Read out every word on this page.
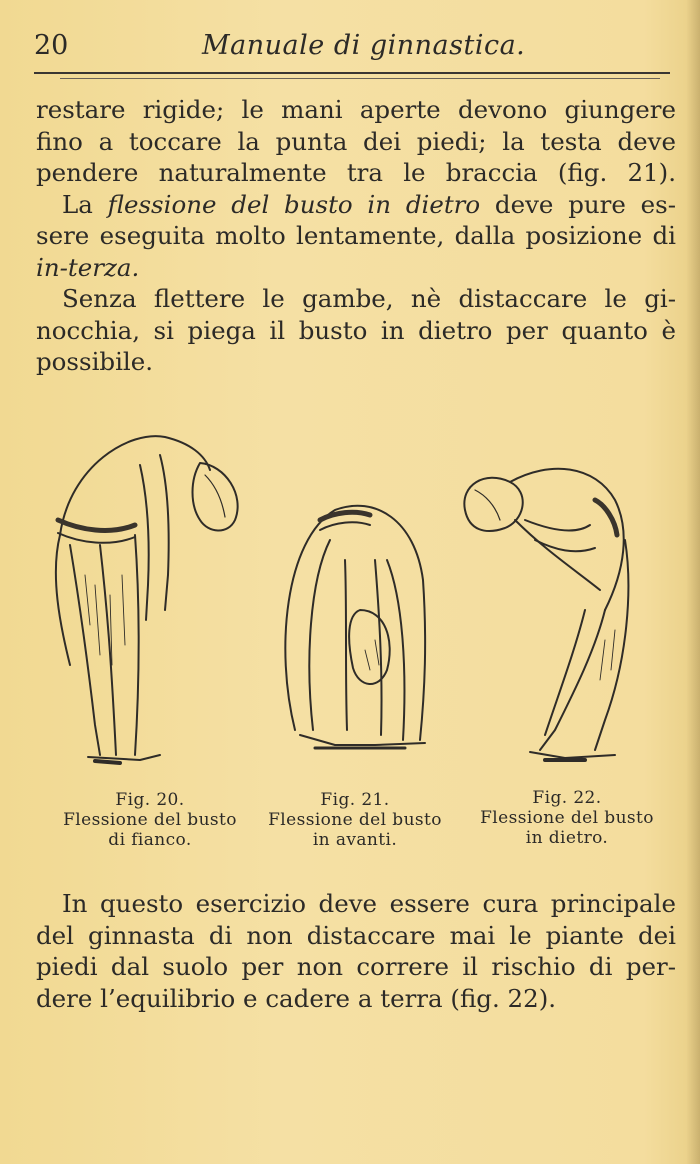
20	Manuale di ginnastica.

restare rigide; le mani aperte devono giungere
fino a toccare la punta dei piedi; la testa deve
pendere naturalmente tra le braccia (fig. 21).

La flessione del busto in dietro deve pure es-
sere eseguita molto lentamente, dalla posizione di
in-terza.

Senza flettere le gambe, nè distaccare le gi-
nocchia, si piega il busto in dietro per quanto è
possibile.

Fig. 20.
Flessione del busto
di fianco.
Fig. 21.
Flessione del busto
in avanti.
Fig. 22.
Flessione del busto
in dietro.

In questo esercizio deve essere cura principale
del ginnasta di non distaccare mai le piante dei
piedi dal suolo per non correre il rischio di per-
dere l’equilibrio e cadere a terra (fig. 22).
